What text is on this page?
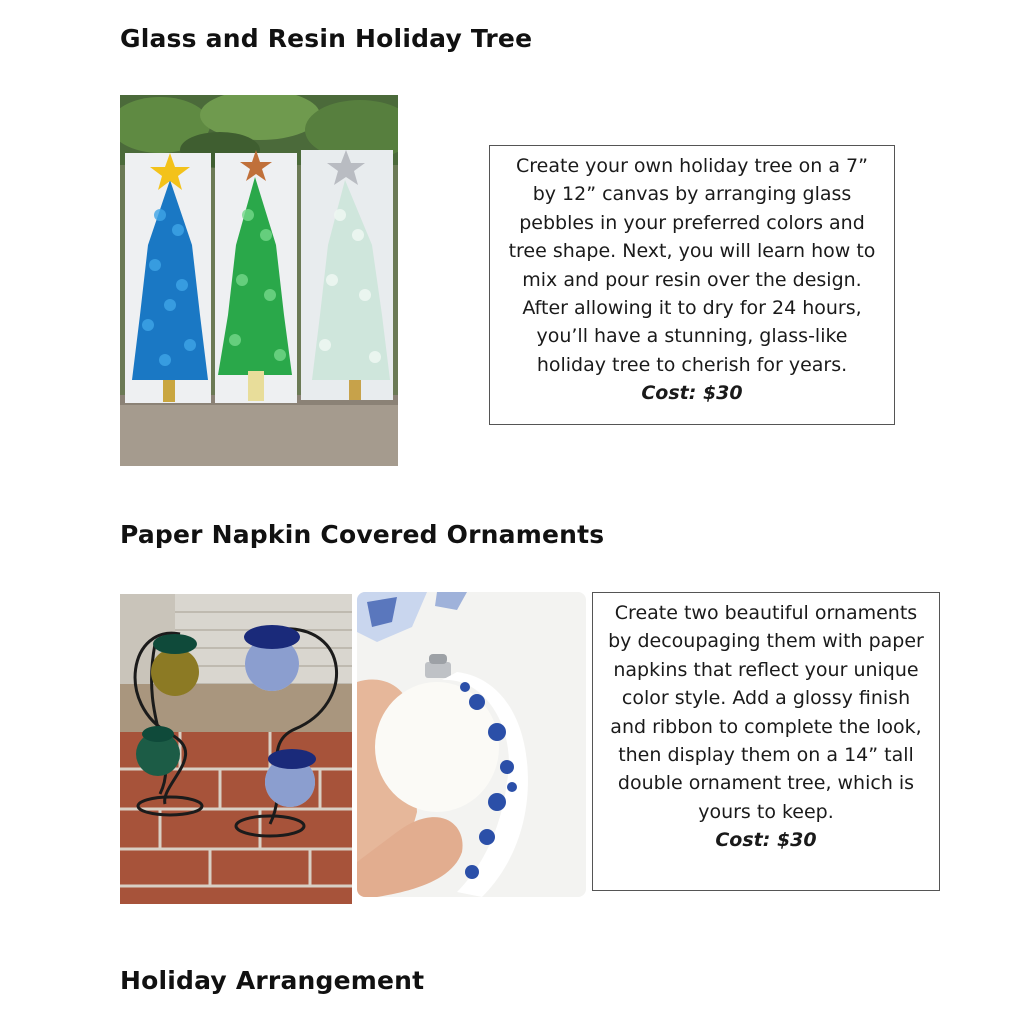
Glass and Resin Holiday Tree
Create your own holiday tree on a 7” by 12” canvas by arranging glass pebbles in your preferred colors and tree shape. Next, you will learn how to mix and pour resin over the design. After allowing it to dry for 24 hours, you’ll have a stunning, glass-like holiday tree to cherish for years.
Cost: $30
Paper Napkin Covered Ornaments
Create two beautiful ornaments by decoupaging them with paper napkins that reflect your unique color style. Add a glossy finish and ribbon to complete the look, then display them on a 14” tall double ornament tree, which is yours to keep.
Cost: $30
Holiday Arrangement
